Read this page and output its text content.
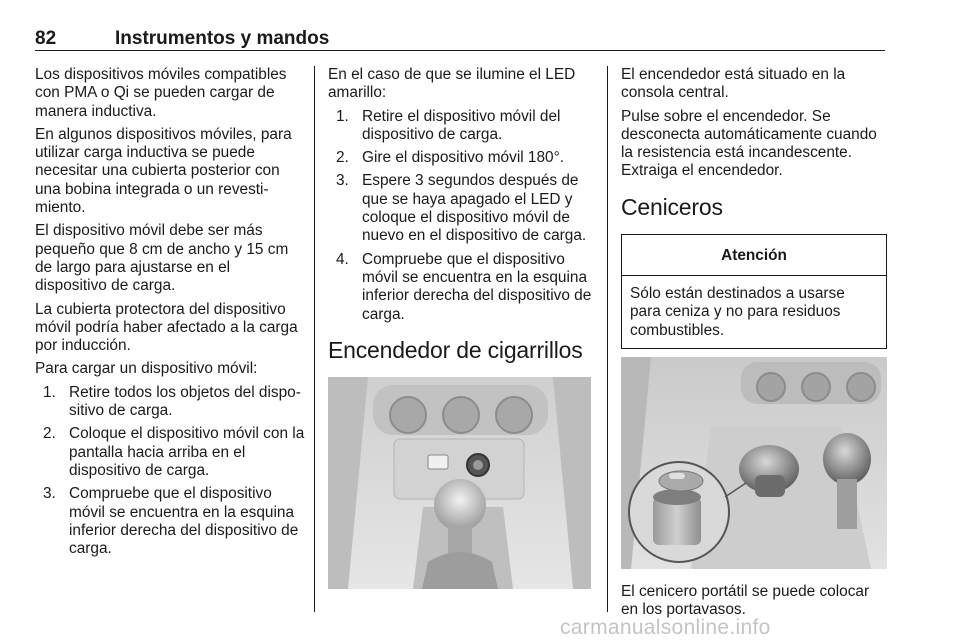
82	Instrumentos y mandos

Los dispositivos móviles compatibles con PMA o Qi se pueden cargar de manera inductiva.

En algunos dispositivos móviles, para utilizar carga inductiva se puede necesitar una cubierta posterior con una bobina integrada o un revestimiento.

El dispositivo móvil debe ser más pequeño que 8 cm de ancho y 15 cm de largo para ajustarse en el dispositivo de carga.

La cubierta protectora del dispositivo móvil podría haber afectado a la carga por inducción.

Para cargar un dispositivo móvil:

1. Retire todos los objetos del dispositivo de carga.
2. Coloque el dispositivo móvil con la pantalla hacia arriba en el dispositivo de carga.
3. Compruebe que el dispositivo móvil se encuentra en la esquina inferior derecha del dispositivo de carga.

En el caso de que se ilumine el LED amarillo:

1. Retire el dispositivo móvil del dispositivo de carga.
2. Gire el dispositivo móvil 180°.
3. Espere 3 segundos después de que se haya apagado el LED y coloque el dispositivo móvil de nuevo en el dispositivo de carga.
4. Compruebe que el dispositivo móvil se encuentra en la esquina inferior derecha del dispositivo de carga.
Encendedor de cigarrillos

El encendedor está situado en la consola central.

Pulse sobre el encendedor. Se desconecta automáticamente cuando la resistencia está incandescente. Extraiga el encendedor.

Ceniceros
Atención
Sólo están destinados a usarse para ceniza y no para residuos combustibles.

El cenicero portátil se puede colocar en los portavasos.

carmanualsonline.info
